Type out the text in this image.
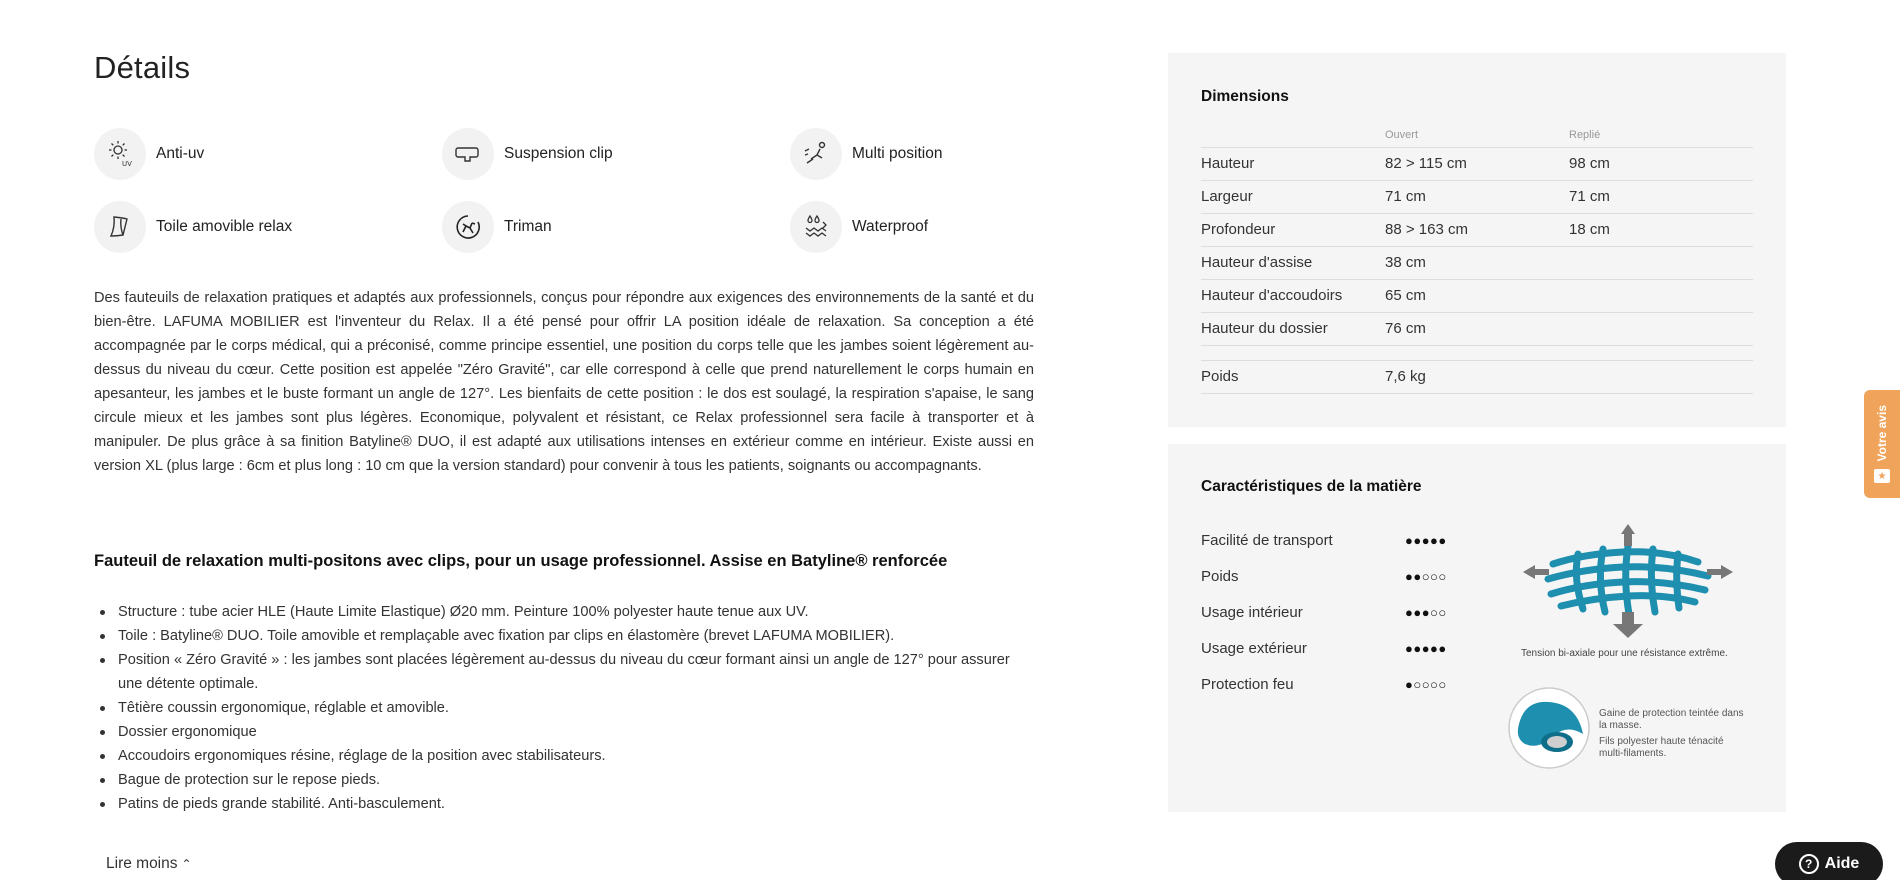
Détails
UV
Anti-uv	Suspension clip	Multi position
Toile amovible relax	Triman	Waterproof

Des fauteuils de relaxation pratiques et adaptés aux professionnels, conçus pour répondre aux exigences des environnements de la santé et du bien-être. LAFUMA MOBILIER est l'inventeur du Relax. Il a été pensé pour offrir LA position idéale de relaxation. Sa conception a été accompagnée par le corps médical, qui a préconisé, comme principe essentiel, une position du corps telle que les jambes soient légèrement au-dessus du niveau du cœur. Cette position est appelée "Zéro Gravité", car elle correspond à celle que prend naturellement le corps humain en apesanteur, les jambes et le buste formant un angle de 127°. Les bienfaits de cette position : le dos est soulagé, la respiration s'apaise, le sang circule mieux et les jambes sont plus légères. Economique, polyvalent et résistant, ce Relax professionnel sera facile à transporter et à manipuler. De plus grâce à sa finition Batyline® DUO, il est adapté aux utilisations intenses en extérieur comme en intérieur. Existe aussi en version XL (plus large : 6cm et plus long : 10 cm que la version standard) pour convenir à tous les patients, soignants ou accompagnants.

Fauteuil de relaxation multi-positons avec clips, pour un usage professionnel. Assise en Batyline® renforcée
Structure : tube acier HLE (Haute Limite Elastique) Ø20 mm. Peinture 100% polyester haute tenue aux UV.
Toile : Batyline® DUO. Toile amovible et remplaçable avec fixation par clips en élastomère (brevet LAFUMA MOBILIER).
Position « Zéro Gravité » : les jambes sont placées légèrement au-dessus du niveau du cœur formant ainsi un angle de 127° pour assurer une détente optimale.
Têtière coussin ergonomique, réglable et amovible.
Dossier ergonomique
Accoudoirs ergonomiques résine, réglage de la position avec stabilisateurs.
Bague de protection sur le repose pieds.
Patins de pieds grande stabilité. Anti-basculement.
Lire moins ⌃
Dimensions
	Ouvert	Replié
Hauteur	82 > 115 cm	98 cm
Largeur	71 cm	71 cm
Profondeur	88 > 163 cm	18 cm
Hauteur d'assise	38 cm	
Hauteur d'accoudoirs	65 cm	
Hauteur du dossier	76 cm	

Poids	7,6 kg	
Caractéristiques de la matière
Facilité de transport	●●●●●
Poids	●●○○○
Usage intérieur	●●●○○
Usage extérieur	●●●●●
Protection feu	●○○○○
Tension bi-axiale pour une résistance extrême.
Gaine de protection teintée dans la masse.
Fils polyester haute ténacité multi-filaments.
Votre avis
★
? Aide
